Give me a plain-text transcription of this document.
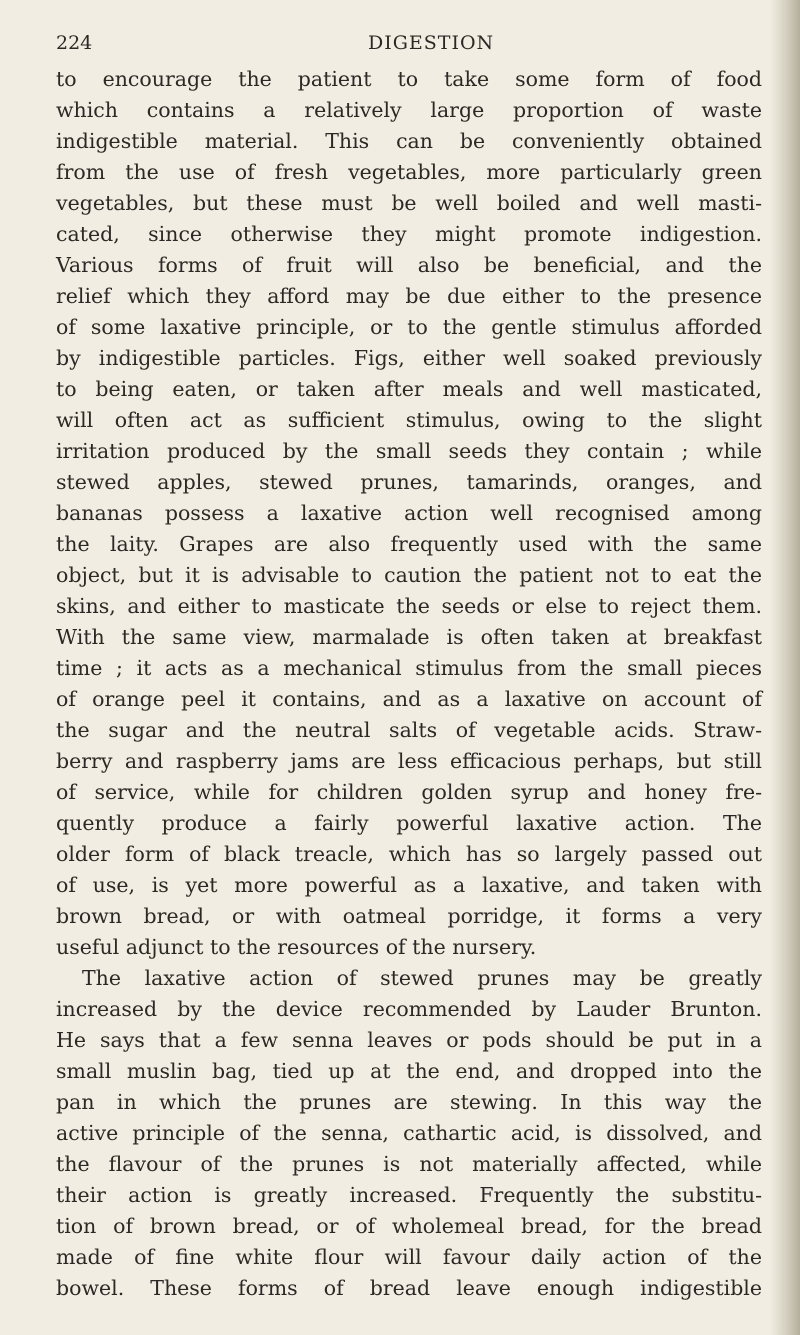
224	DIGESTION
to encourage the patient to take some form of food
which contains a relatively large proportion of waste
indigestible material. This can be conveniently obtained
from the use of fresh vegetables, more particularly green
vegetables, but these must be well boiled and well masti-
cated, since otherwise they might promote indigestion.
Various forms of fruit will also be beneficial, and the
relief which they afford may be due either to the presence
of some laxative principle, or to the gentle stimulus afforded
by indigestible particles. Figs, either well soaked previously
to being eaten, or taken after meals and well masticated,
will often act as sufficient stimulus, owing to the slight
irritation produced by the small seeds they contain ; while
stewed apples, stewed prunes, tamarinds, oranges, and
bananas possess a laxative action well recognised among
the laity. Grapes are also frequently used with the same
object, but it is advisable to caution the patient not to eat the
skins, and either to masticate the seeds or else to reject them.
With the same view, marmalade is often taken at breakfast
time ; it acts as a mechanical stimulus from the small pieces
of orange peel it contains, and as a laxative on account of
the sugar and the neutral salts of vegetable acids. Straw-
berry and raspberry jams are less efficacious perhaps, but still
of service, while for children golden syrup and honey fre-
quently produce a fairly powerful laxative action. The
older form of black treacle, which has so largely passed out
of use, is yet more powerful as a laxative, and taken with
brown bread, or with oatmeal porridge, it forms a very
useful adjunct to the resources of the nursery.
The laxative action of stewed prunes may be greatly
increased by the device recommended by Lauder Brunton.
He says that a few senna leaves or pods should be put in a
small muslin bag, tied up at the end, and dropped into the
pan in which the prunes are stewing. In this way the
active principle of the senna, cathartic acid, is dissolved, and
the flavour of the prunes is not materially affected, while
their action is greatly increased. Frequently the substitu-
tion of brown bread, or of wholemeal bread, for the bread
made of fine white flour will favour daily action of the
bowel. These forms of bread leave enough indigestible
